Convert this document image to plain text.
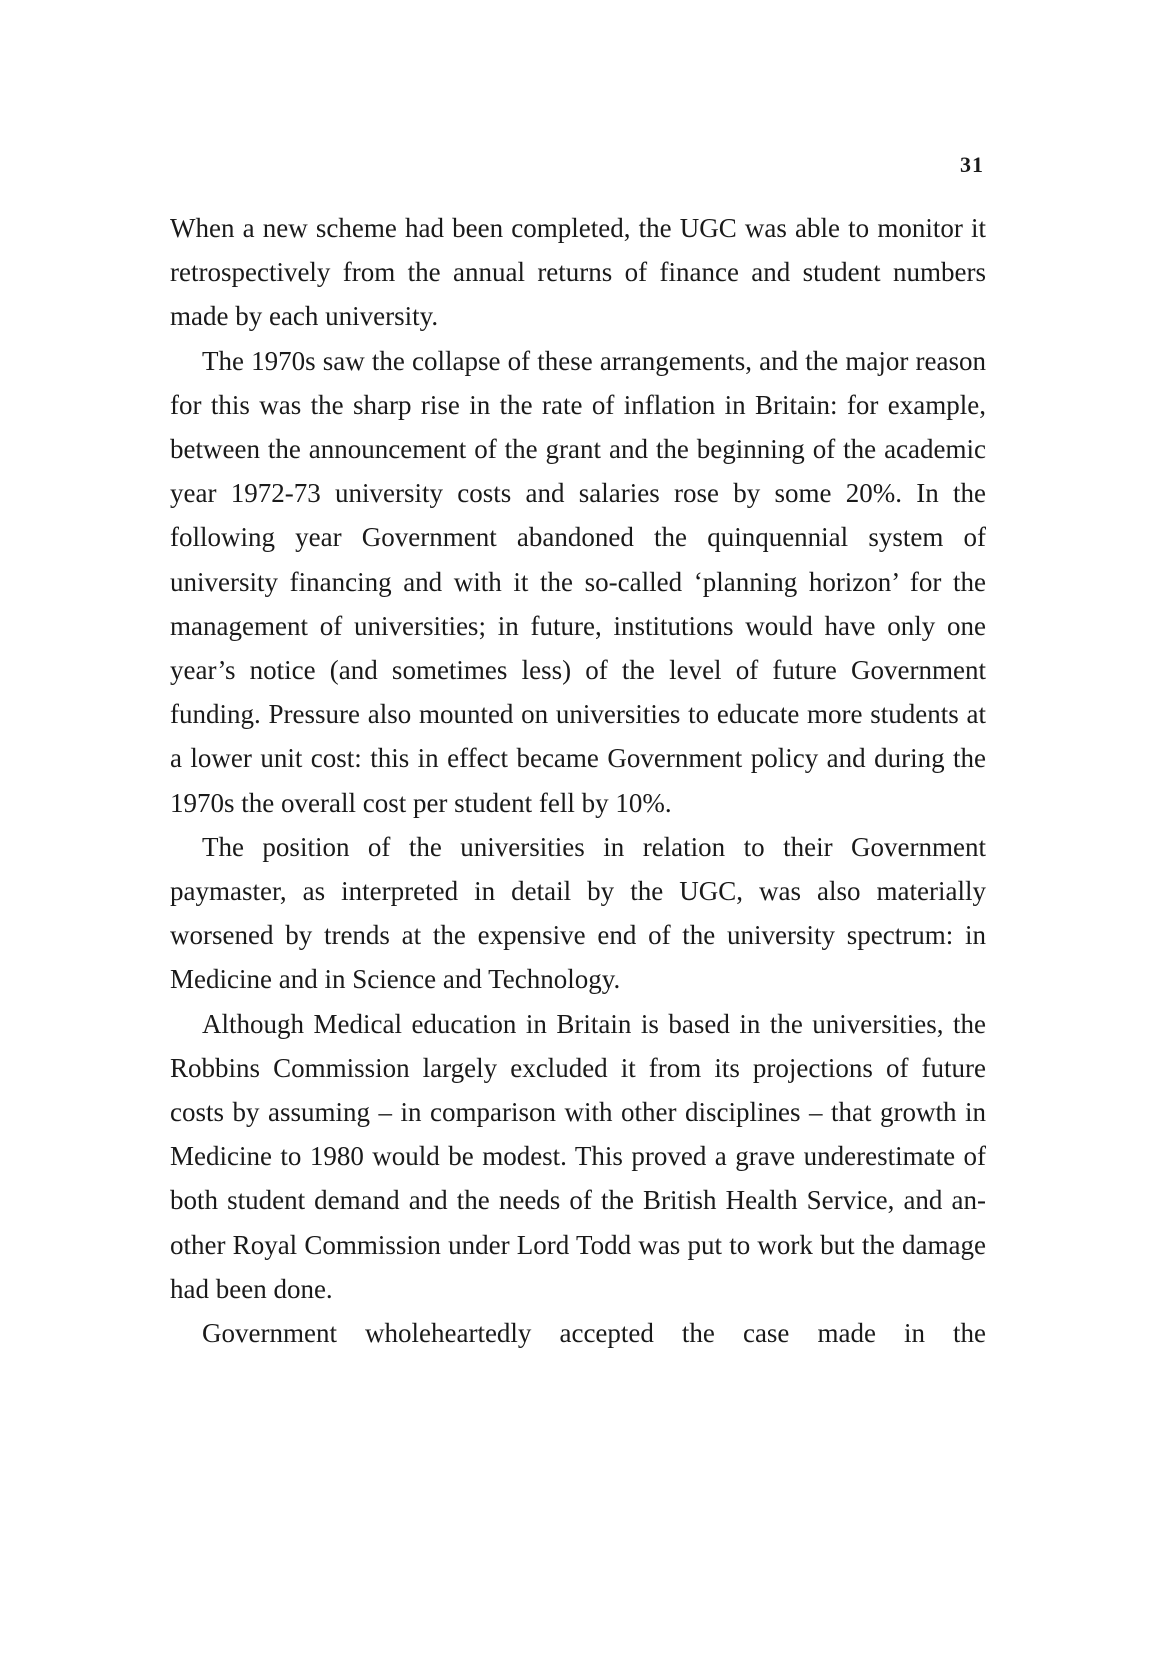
31

When a new scheme had been completed, the UGC was able to monitor it retrospectively from the annual returns of finance and student numbers made by each university.

The 1970s saw the collapse of these arrangements, and the major reason for this was the sharp rise in the rate of inflation in Britain: for example, between the announcement of the grant and the beginning of the academic year 1972-73 university costs and salaries rose by some 20%. In the following year Government abandoned the quinquennial system of university financing and with it the so-called ‘planning horizon’ for the management of universities; in future, institutions would have only one year’s notice (and sometimes less) of the level of future Government funding. Pressure also mounted on universities to educate more students at a lower unit cost: this in effect became Government policy and during the 1970s the overall cost per student fell by 10%.

The position of the universities in relation to their Government paymaster, as interpreted in detail by the UGC, was also materially worsened by trends at the expensive end of the university spectrum: in Medicine and in Science and Technology.

Although Medical education in Britain is based in the universities, the Robbins Commission largely excluded it from its projections of future costs by assuming – in comparison with other disciplines – that growth in Medicine to 1980 would be modest. This proved a grave underestimate of both student demand and the needs of the British Health Service, and another Royal Commission under Lord Todd was put to work but the damage had been done.

Government wholeheartedly accepted the case made in the
